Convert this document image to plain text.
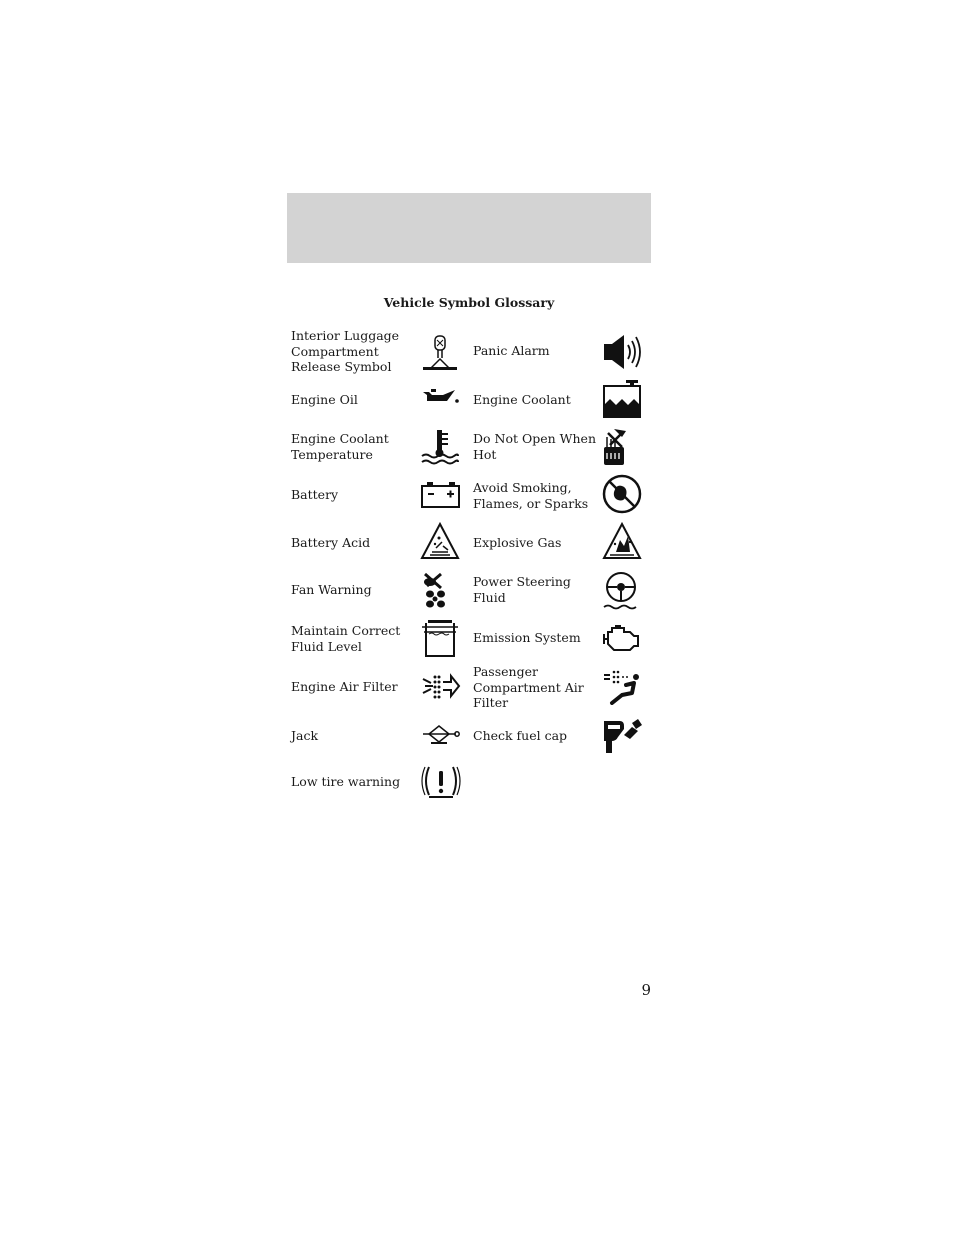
Vehicle Symbol Glossary
Interior Luggage Compartment Release Symbol
Engine Oil
Engine Coolant Temperature
Battery
Battery Acid
Fan Warning
Maintain Correct Fluid Level
Engine Air Filter
Jack
Low tire warning
Panic Alarm
Engine Coolant
Do Not Open When Hot
Avoid Smoking, Flames, or Sparks
Explosive Gas
Power Steering Fluid
Emission System
Passenger Compartment Air Filter
Check fuel cap
9
